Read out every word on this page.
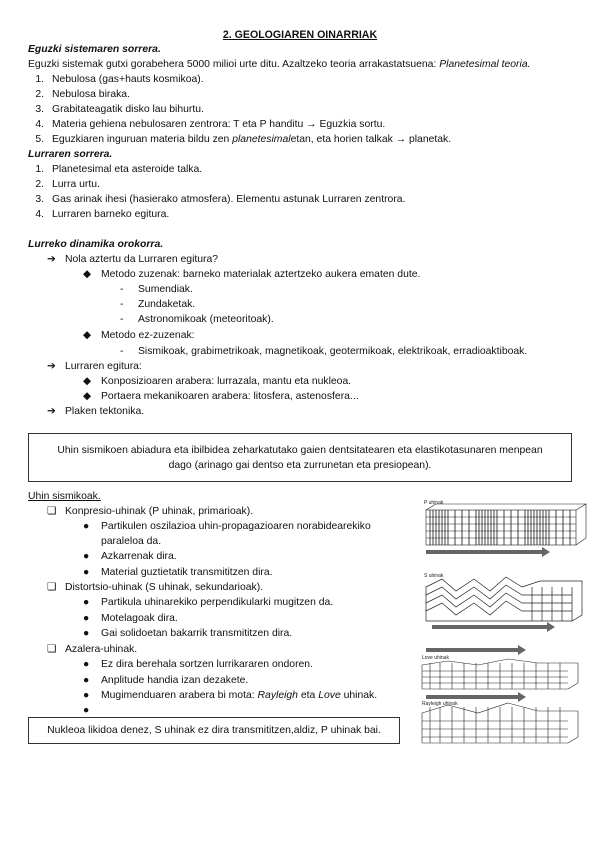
2. GEOLOGIAREN OINARRIAK
Eguzki sistemaren sorrera.
Eguzki sistemak gutxi gorabehera 5000 milioi urte ditu. Azaltzeko teoria arrakastatsuena: Planetesimal teoria.
1. Nebulosa (gas+hauts kosmikoa).
2. Nebulosa biraka.
3. Grabitateagatik disko lau bihurtu.
4. Materia gehiena nebulosaren zentrora: T eta P handitu → Eguzkia sortu.
5. Eguzkiaren inguruan materia bildu zen planetesimaletan, eta horien talkak → planetak.
Lurraren sorrera.
1. Planetesimal eta asteroide talka.
2. Lurra urtu.
3. Gas arinak ihesi (hasierako atmosfera). Elementu astunak Lurraren zentrora.
4. Lurraren barneko egitura.
Lurreko dinamika orokorra.
➔ Nola aztertu da Lurraren egitura?
◆ Metodo zuzenak: barneko materialak aztertzeko aukera ematen dute.
- Sumendiak.
- Zundaketak.
- Astronomikoak (meteoritoak).
◆ Metodo ez-zuzenak:
- Sismikoak, grabimetrikoak, magnetikoak, geotermikoak, elektrikoak, erradioaktiboak.
➔ Lurraren egitura:
◆ Konposizioaren arabera: lurrazala, mantu eta nukleoa.
◆ Portaera mekanikoaren arabera: litosfera, astenosfera...
➔ Plaken tektonika.
Uhin sismikoen abiadura eta ibilbidea zeharkatutako gaien dentsitatearen eta elastikotasunaren menpean
dago (arinago gai dentso eta zurrunetan eta presiopean).
Uhin sismikoak.
❏ Konpresio-uhinak (P uhinak, primarioak).
● Partikulen oszilazioa uhin-propagazioaren norabidearekiko
paraleloa da.
● Azkarrenak dira.
● Material guztietatik transmititzen dira.
❏ Distortsio-uhinak (S uhinak, sekundarioak).
● Partikula uhinarekiko perpendikularki mugitzen da.
● Motelagoak dira.
● Gai solidoetan bakarrik transmititzen dira.
❏ Azalera-uhinak.
● Ez dira berehala sortzen lurrikararen ondoren.
● Anplitude handia izan dezakete.
● Mugimenduaren arabera bi mota: Rayleigh eta Love uhinak.
●
Nukleoa likidoa denez, S uhinak ez dira transmititzen,aldiz, P uhinak bai.
P uhinak
S uhinak
Love uhinak
Rayleigh uhinak
